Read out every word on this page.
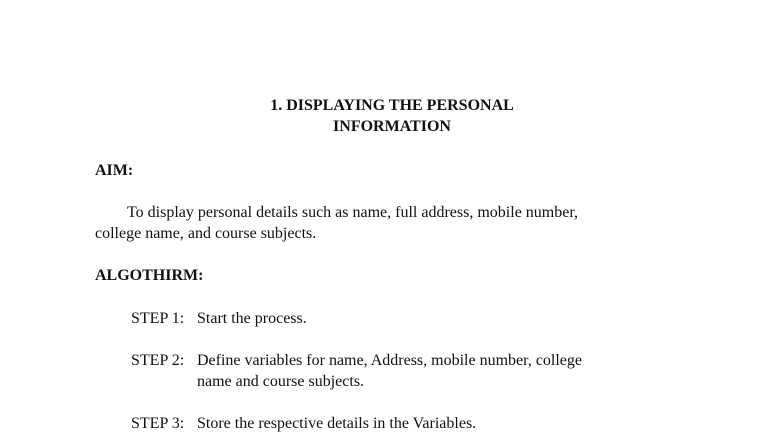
1. DISPLAYING THE PERSONAL
INFORMATION
AIM:
To display personal details such as name, full address, mobile number,
college name, and course subjects.
ALGOTHIRM:
STEP 1: Start the process.
STEP 2: Define variables for name, Address, mobile number, college
name and course subjects.
STEP 3: Store the respective details in the Variables.
